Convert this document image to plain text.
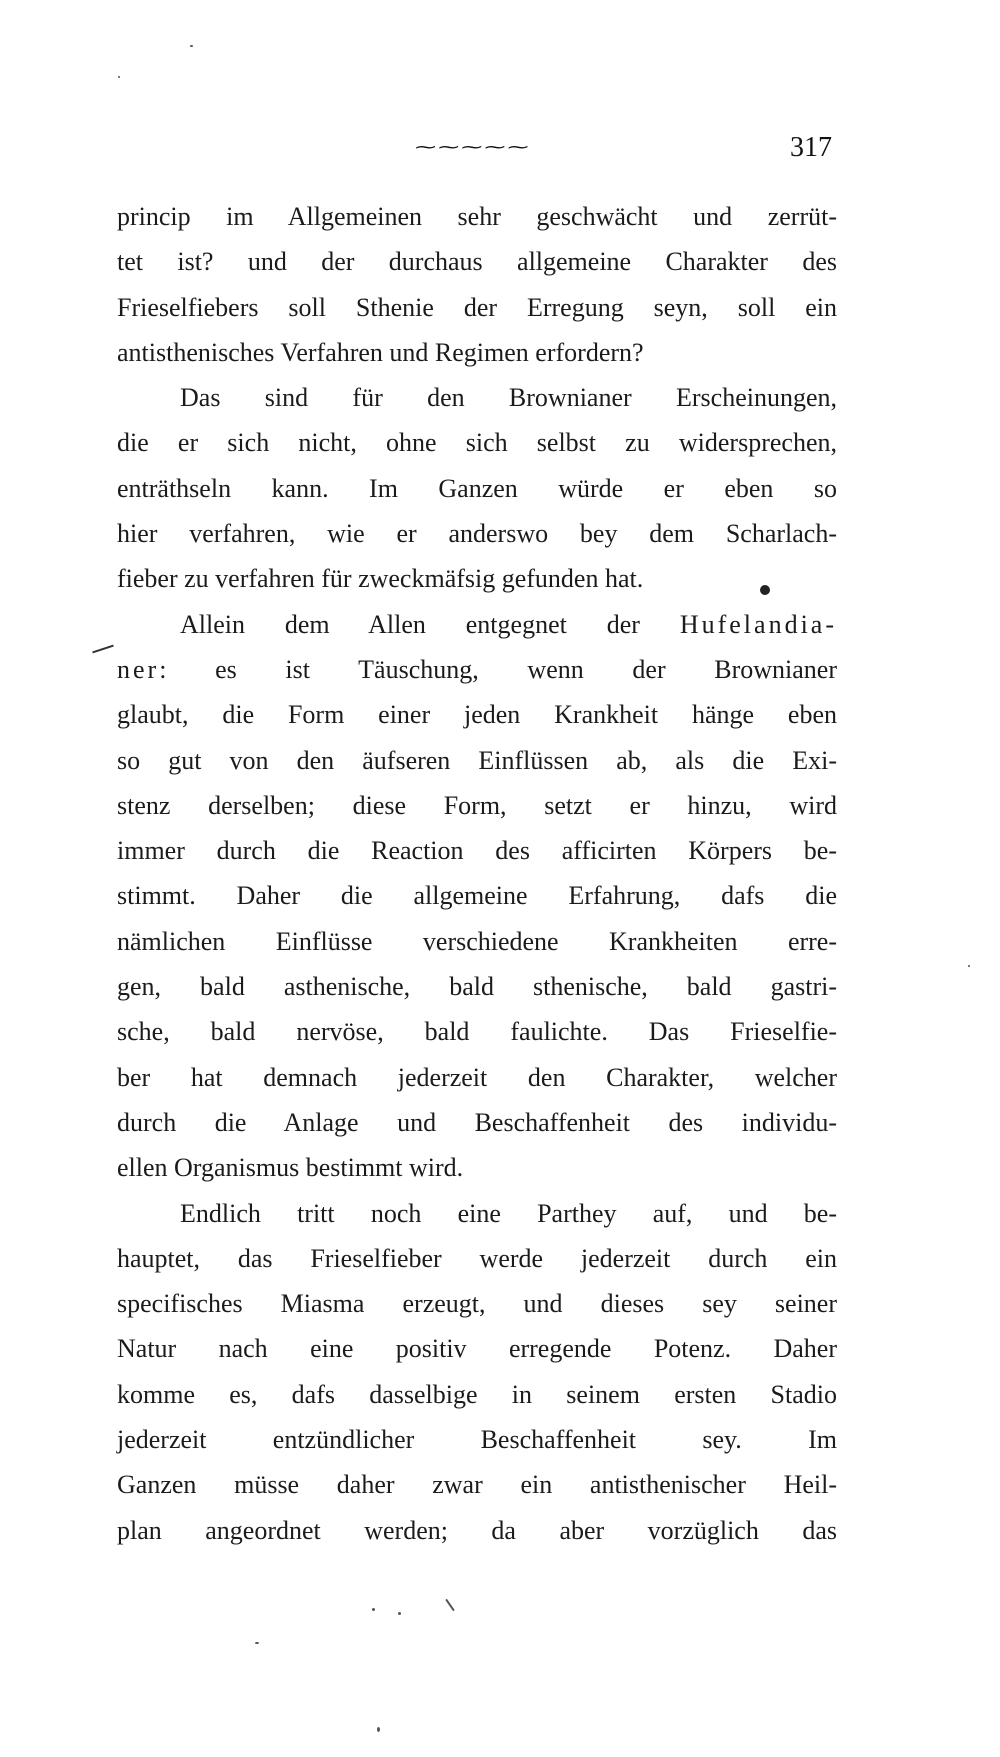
~~~~~	317
princip im Allgemeinen sehr geschwächt und zerrüt-
tet ist? und der durchaus allgemeine Charakter des
Frieselfiebers soll Sthenie der Erregung seyn, soll ein
antisthenisches Verfahren und Regimen erfordern?
Das sind für den Brownianer Erscheinungen,
die er sich nicht, ohne sich selbst zu widersprechen,
enträthseln kann. Im Ganzen würde er eben so
hier verfahren, wie er anderswo bey dem Scharlach-
fieber zu verfahren für zweckmäfsig gefunden hat.
Allein dem Allen entgegnet der Hufelandia-
ner: es ist Täuschung, wenn der Brownianer
glaubt, die Form einer jeden Krankheit hänge eben
so gut von den äufseren Einflüssen ab, als die Exi-
stenz derselben; diese Form, setzt er hinzu, wird
immer durch die Reaction des afficirten Körpers be-
stimmt. Daher die allgemeine Erfahrung, dafs die
nämlichen Einflüsse verschiedene Krankheiten erre-
gen, bald asthenische, bald sthenische, bald gastri-
sche, bald nervöse, bald faulichte. Das Frieselfie-
ber hat demnach jederzeit den Charakter, welcher
durch die Anlage und Beschaffenheit des individu-
ellen Organismus bestimmt wird.
Endlich tritt noch eine Parthey auf, und be-
hauptet, das Frieselfieber werde jederzeit durch ein
specifisches Miasma erzeugt, und dieses sey seiner
Natur nach eine positiv erregende Potenz. Daher
komme es, dafs dasselbige in seinem ersten Stadio
jederzeit entzündlicher Beschaffenheit sey. Im
Ganzen müsse daher zwar ein antisthenischer Heil-
plan angeordnet werden; da aber vorzüglich das
